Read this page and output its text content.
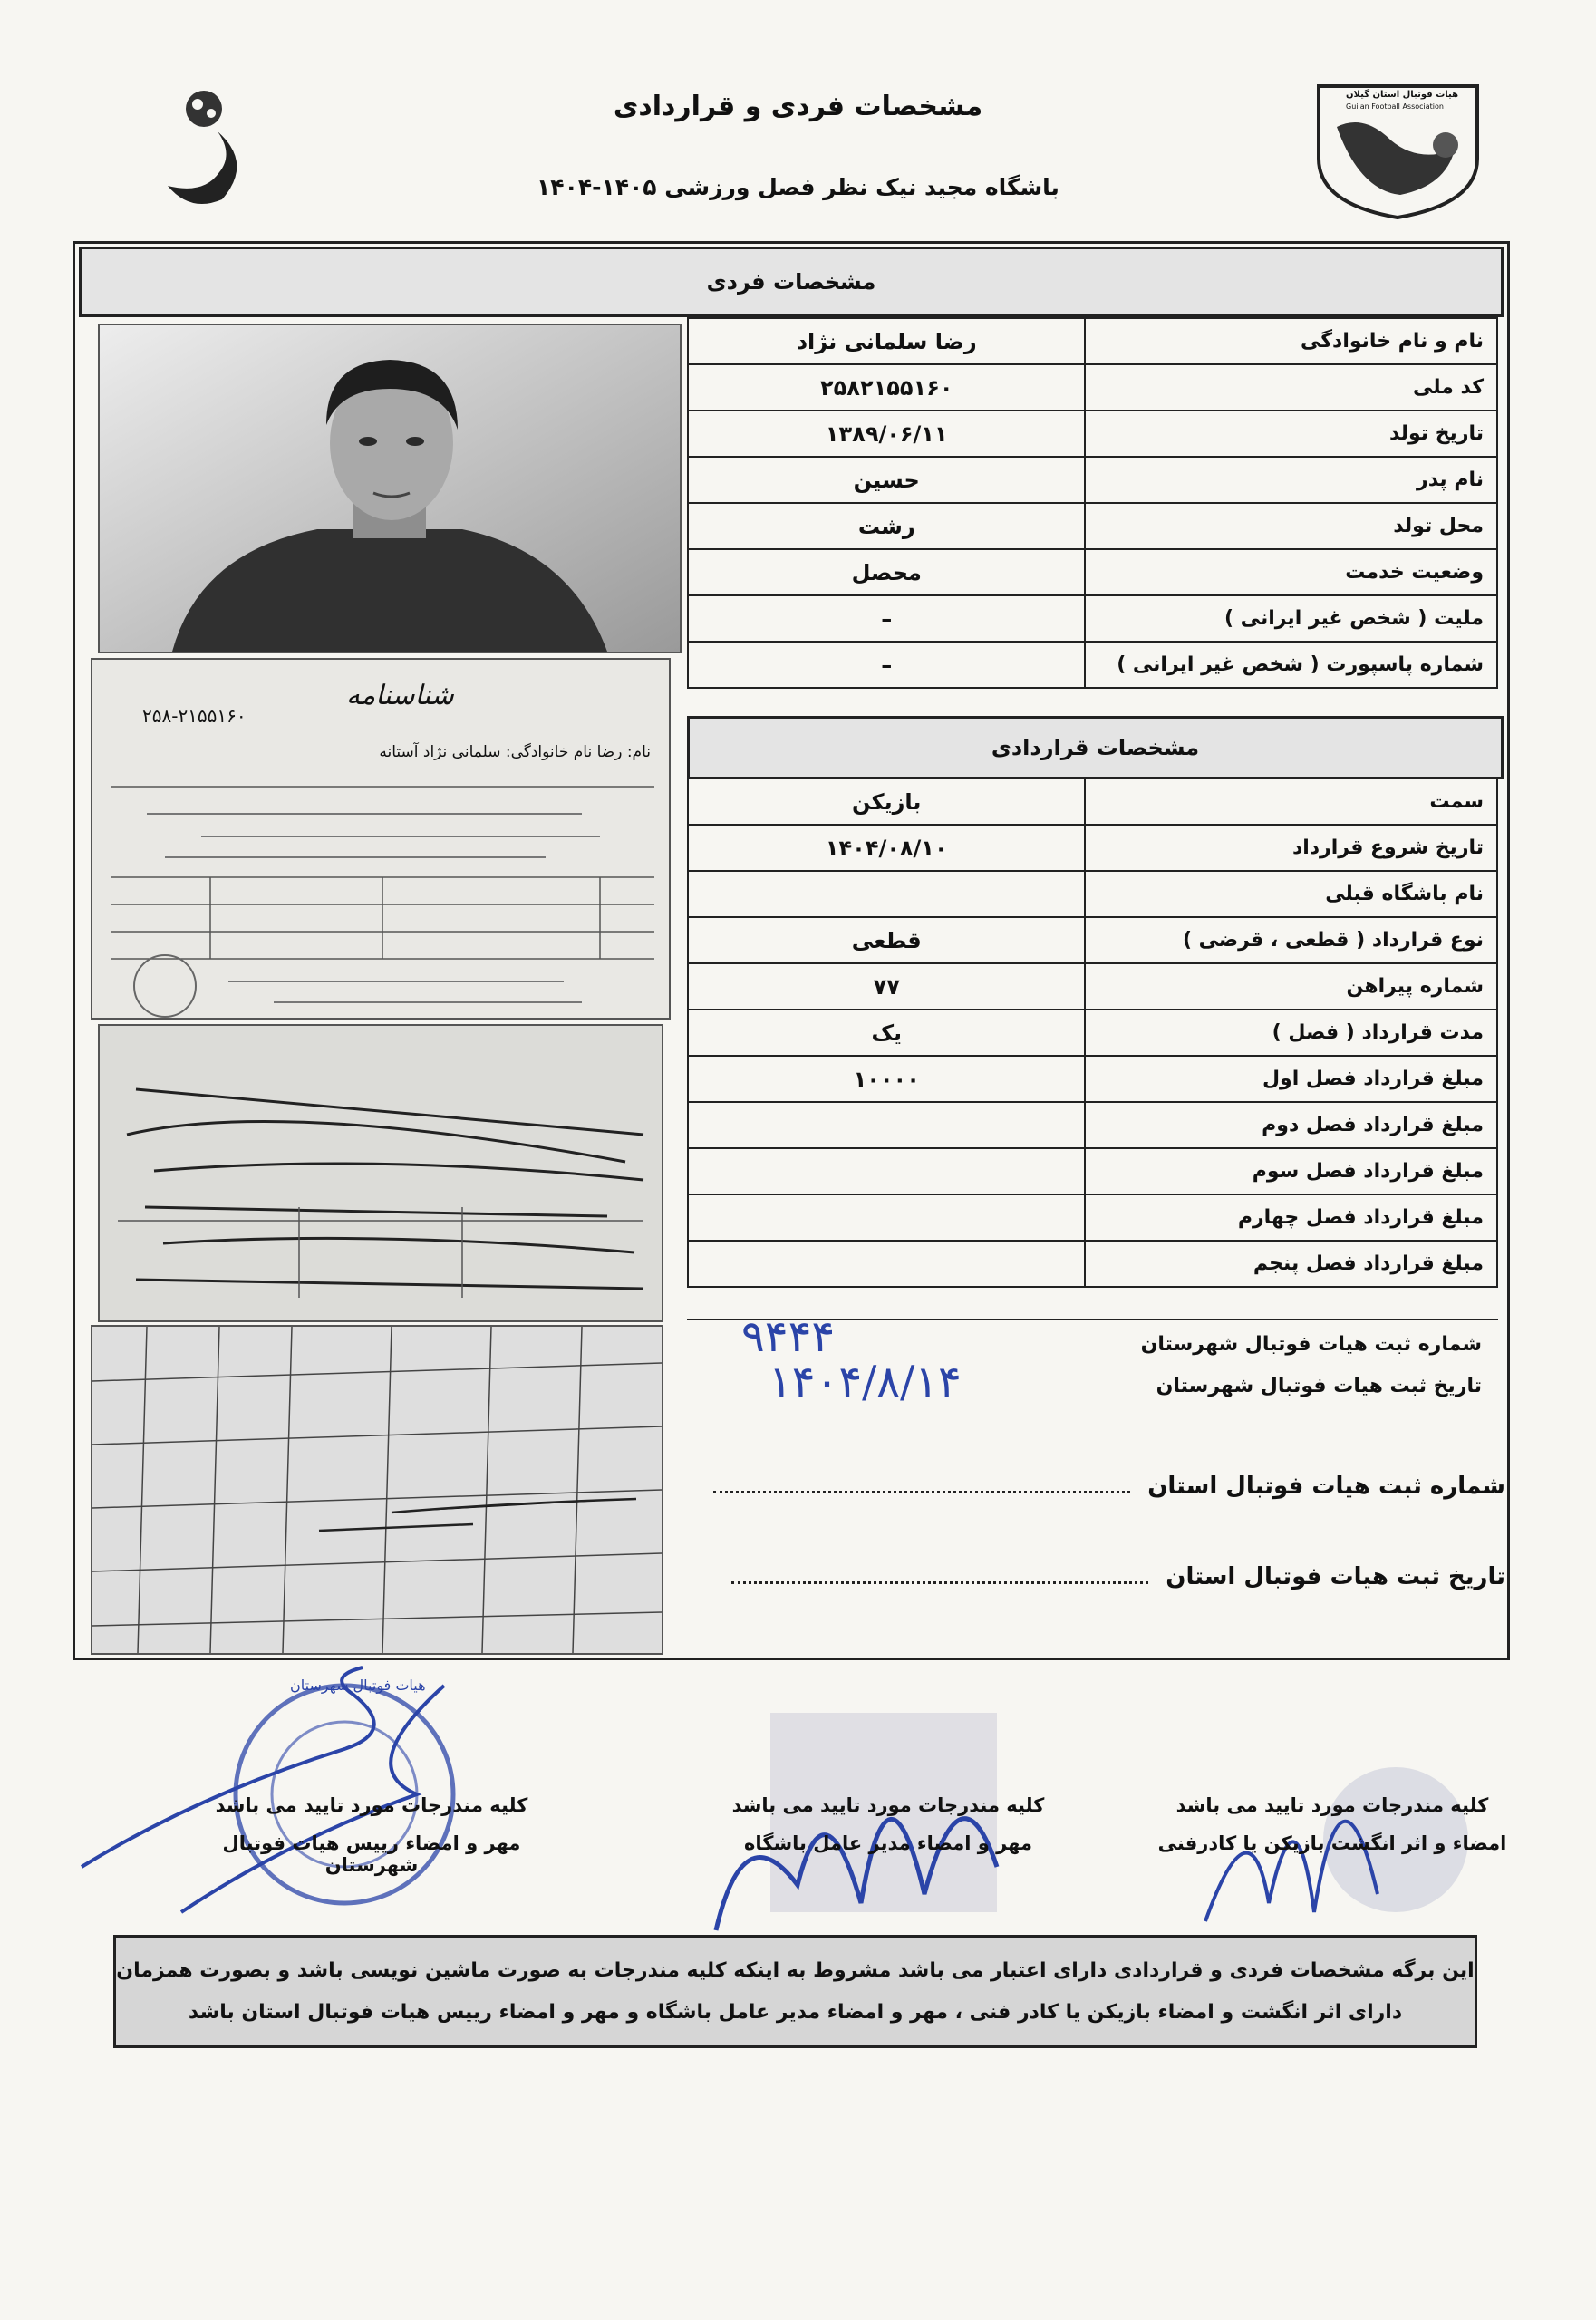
مشخصات فردی و قراردادی
باشگاه مجید نیک نظر فصل ورزشی ۱۴۰۵-۱۴۰۴
هیات فوتبال استان گیلان
Guilan Football Association
مشخصات فردی
نام و نام خانوادگی	رضا سلمانی نژاد
کد ملی	۲۵۸۲۱۵۵۱۶۰
تاریخ تولد	۱۳۸۹/۰۶/۱۱
نام پدر	حسین
محل تولد	رشت
وضعیت خدمت	محصل
ملیت ( شخص غیر ایرانی )	–
شماره پاسپورت ( شخص غیر ایرانی )	–
مشخصات قراردادی
سمت	بازیکن
تاریخ شروع قرارداد	۱۴۰۴/۰۸/۱۰
نام باشگاه قبلی	
نوع قرارداد ( قطعی ، قرضی )	قطعی
شماره پیراهن	۷۷
مدت قرارداد ( فصل )	یک
مبلغ قرارداد فصل اول	۱۰۰۰۰
مبلغ قرارداد فصل دوم	
مبلغ قرارداد فصل سوم	
مبلغ قرارداد فصل چهارم	
مبلغ قرارداد فصل پنجم	
شماره ثبت هیات فوتبال شهرستان
تاریخ ثبت هیات فوتبال شهرستان
۹۴۴۴
۱۴۰۴/۸/۱۴
شماره ثبت هیات فوتبال استان
تاریخ ثبت هیات فوتبال استان
شناسنامه
۲۵۸-۲۱۵۵۱۶۰
نام: رضا نام خانوادگی: سلمانی نژاد آستانه
هیات فوتبال شهرستان
کلیه مندرجات مورد تایید می باشد
مهر و امضاء رییس هیات فوتبال شهرستان
کلیه مندرجات مورد تایید می باشد
مهر و امضاء مدیر عامل باشگاه
کلیه مندرجات مورد تایید می باشد
امضاء و اثر انگشت بازیکن یا کادرفنی
این برگه مشخصات فردی و قراردادی دارای اعتبار می باشد مشروط به اینکه کلیه مندرجات به صورت ماشین نویسی باشد و بصورت همزمان
دارای اثر انگشت و امضاء بازیکن یا کادر فنی ، مهر و امضاء مدیر عامل باشگاه و مهر و امضاء رییس هیات فوتبال استان باشد
